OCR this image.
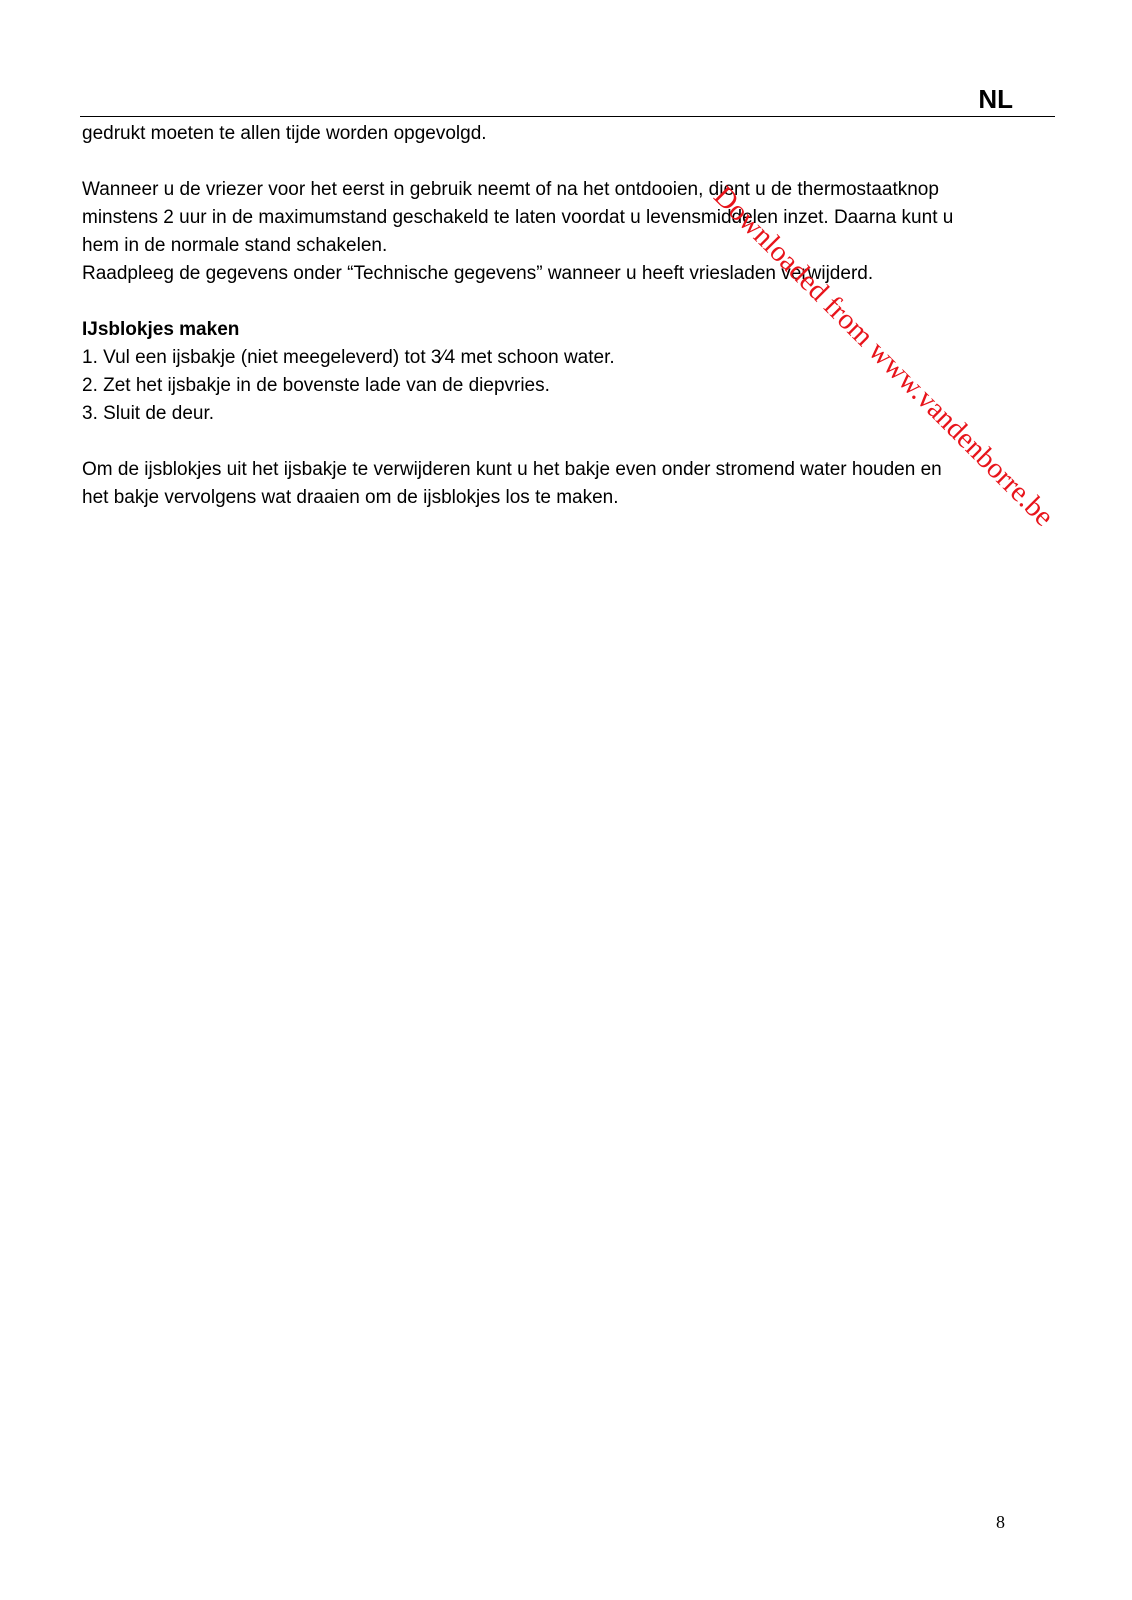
NL

gedrukt moeten te allen tijde worden opgevolgd.

Wanneer u de vriezer voor het eerst in gebruik neemt of na het ontdooien, dient u de thermostaatknop

minstens 2 uur in de maximumstand geschakeld te laten voordat u levensmiddelen inzet. Daarna kunt u

hem in de normale stand schakelen.

Raadpleeg de gegevens onder “Technische gegevens” wanneer u heeft vriesladen verwijderd.

IJsblokjes maken

1. Vul een ijsbakje (niet meegeleverd) tot 3⁄4 met schoon water.

2. Zet het ijsbakje in de bovenste lade van de diepvries.

3. Sluit de deur.

Om de ijsblokjes uit het ijsbakje te verwijderen kunt u het bakje even onder stromend water houden en

het bakje vervolgens wat draaien om de ijsblokjes los te maken.	Downloaded from www.vandenborre.be
8
